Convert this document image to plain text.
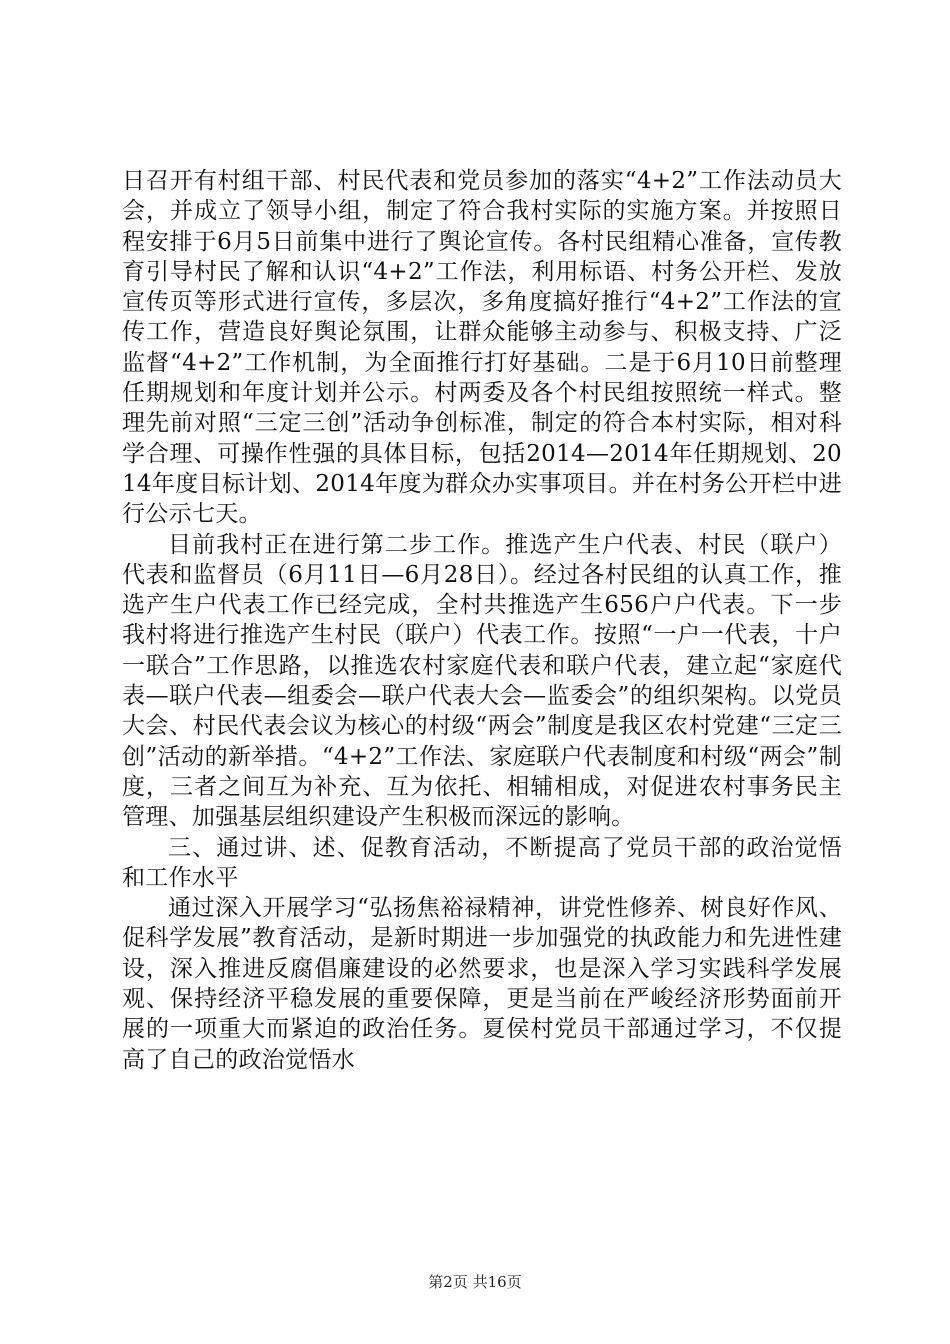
日召开有村组干部、村民代表和党员参加的落实“4+2”工作法动员大会，并成立了领导小组，制定了符合我村实际的实施方案。并按照日程安排于6月5日前集中进行了舆论宣传。各村民组精心准备，宣传教育引导村民了解和认识“4+2”工作法，利用标语、村务公开栏、发放宣传页等形式进行宣传，多层次，多角度搞好推行“4+2”工作法的宣传工作，营造良好舆论氛围，让群众能够主动参与、积极支持、广泛监督“4+2”工作机制，为全面推行打好基础。二是于6月10日前整理任期规划和年度计划并公示。村两委及各个村民组按照统一样式。整理先前对照“三定三创”活动争创标准，制定的符合本村实际，相对科学合理、可操作性强的具体目标，包括2014—2014年任期规划、2014年度目标计划、2014年度为群众办实事项目。并在村务公开栏中进行公示七天。

目前我村正在进行第二步工作。推选产生户代表、村民（联户）代表和监督员（6月11日—6月28日）。经过各村民组的认真工作，推选产生户代表工作已经完成，全村共推选产生656户户代表。下一步我村将进行推选产生村民（联户）代表工作。按照“一户一代表，十户一联合”工作思路，以推选农村家庭代表和联户代表，建立起“家庭代表—联户代表—组委会—联户代表大会—监委会”的组织架构。以党员大会、村民代表会议为核心的村级“两会”制度是我区农村党建“三定三创”活动的新举措。“4+2”工作法、家庭联户代表制度和村级“两会”制度，三者之间互为补充、互为依托、相辅相成，对促进农村事务民主管理、加强基层组织建设产生积极而深远的影响。

三、通过讲、述、促教育活动，不断提高了党员干部的政治觉悟和工作水平

通过深入开展学习“弘扬焦裕禄精神，讲党性修养、树良好作风、促科学发展”教育活动，是新时期进一步加强党的执政能力和先进性建设，深入推进反腐倡廉建设的必然要求，也是深入学习实践科学发展观、保持经济平稳发展的重要保障，更是当前在严峻经济形势面前开展的一项重大而紧迫的政治任务。夏侯村党员干部通过学习，不仅提高了自己的政治觉悟水

第2页 共16页
